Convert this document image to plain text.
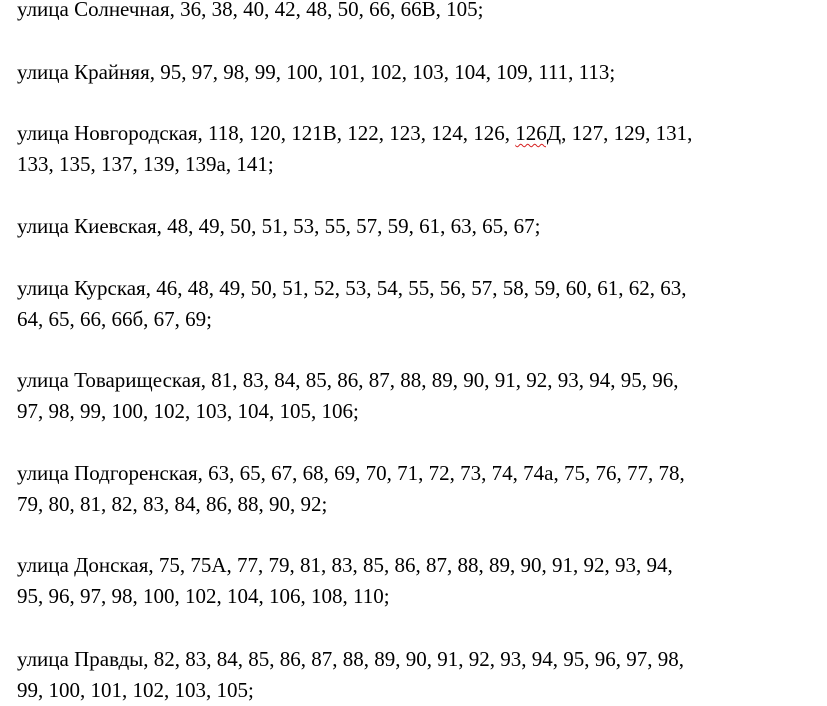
улица Солнечная, 36, 38, 40, 42, 48, 50, 66, 66В, 105;

улица Крайняя, 95, 97, 98, 99, 100, 101, 102, 103, 104, 109, 111, 113;

улица Новгородская, 118, 120, 121В, 122, 123, 124, 126, 126Д, 127, 129, 131,
133, 135, 137, 139, 139а, 141;

улица Киевская, 48, 49, 50, 51, 53, 55, 57, 59, 61, 63, 65, 67;

улица Курская, 46, 48, 49, 50, 51, 52, 53, 54, 55, 56, 57, 58, 59, 60, 61, 62, 63,
64, 65, 66, 66б, 67, 69;

улица Товарищеская, 81, 83, 84, 85, 86, 87, 88, 89, 90, 91, 92, 93, 94, 95, 96,
97, 98, 99, 100, 102, 103, 104, 105, 106;

улица Подгоренская, 63, 65, 67, 68, 69, 70, 71, 72, 73, 74, 74а, 75, 76, 77, 78,
79, 80, 81, 82, 83, 84, 86, 88, 90, 92;

улица Донская, 75, 75А, 77, 79, 81, 83, 85, 86, 87, 88, 89, 90, 91, 92, 93, 94,
95, 96, 97, 98, 100, 102, 104, 106, 108, 110;

улица Правды, 82, 83, 84, 85, 86, 87, 88, 89, 90, 91, 92, 93, 94, 95, 96, 97, 98,
99, 100, 101, 102, 103, 105;
